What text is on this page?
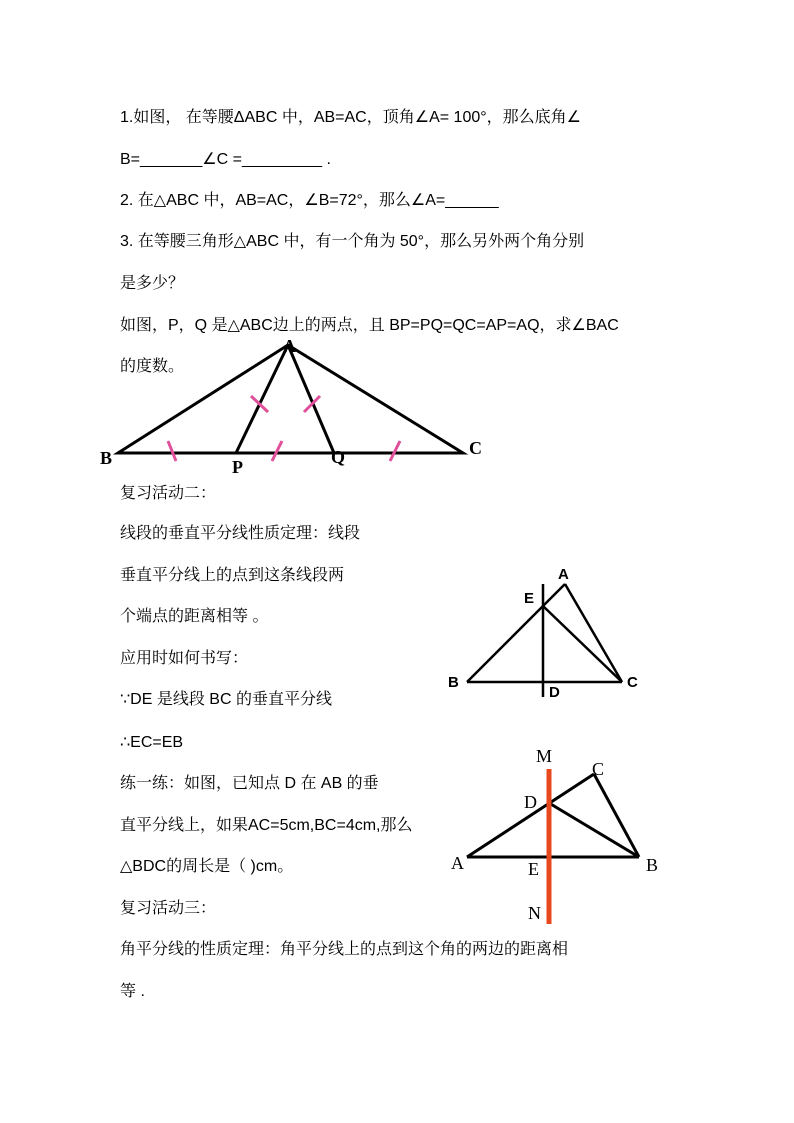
1.如图， 在等腰ΔABC 中，AB=AC，顶角∠A= 100°，那么底角∠
B=_______∠C =_________ .
2. 在△ABC 中，AB=AC，∠B=72°，那么∠A=______
3. 在等腰三角形△ABC 中，有一个角为 50°，那么另外两个角分别
是多少？
如图，P，Q 是△ABC边上的两点，且 BP=PQ=QC=AP=AQ，求∠BAC
的度数。
复习活动二：
线段的垂直平分线性质定理：线段
垂直平分线上的点到这条线段两
个端点的距离相等 。
应用时如何书写：
∵DE 是线段 BC 的垂直平分线
∴EC=EB
练一练：如图，已知点 D 在 AB 的垂
直平分线上，如果AC=5cm,BC=4cm,那么
△BDC的周长是（ )cm。
复习活动三：
角平分线的性质定理：角平分线上的点到这个角的两边的距离相
等 .
A
B	C
P	Q
A
E
B	C
D
M
C
D
A	E	B
N
